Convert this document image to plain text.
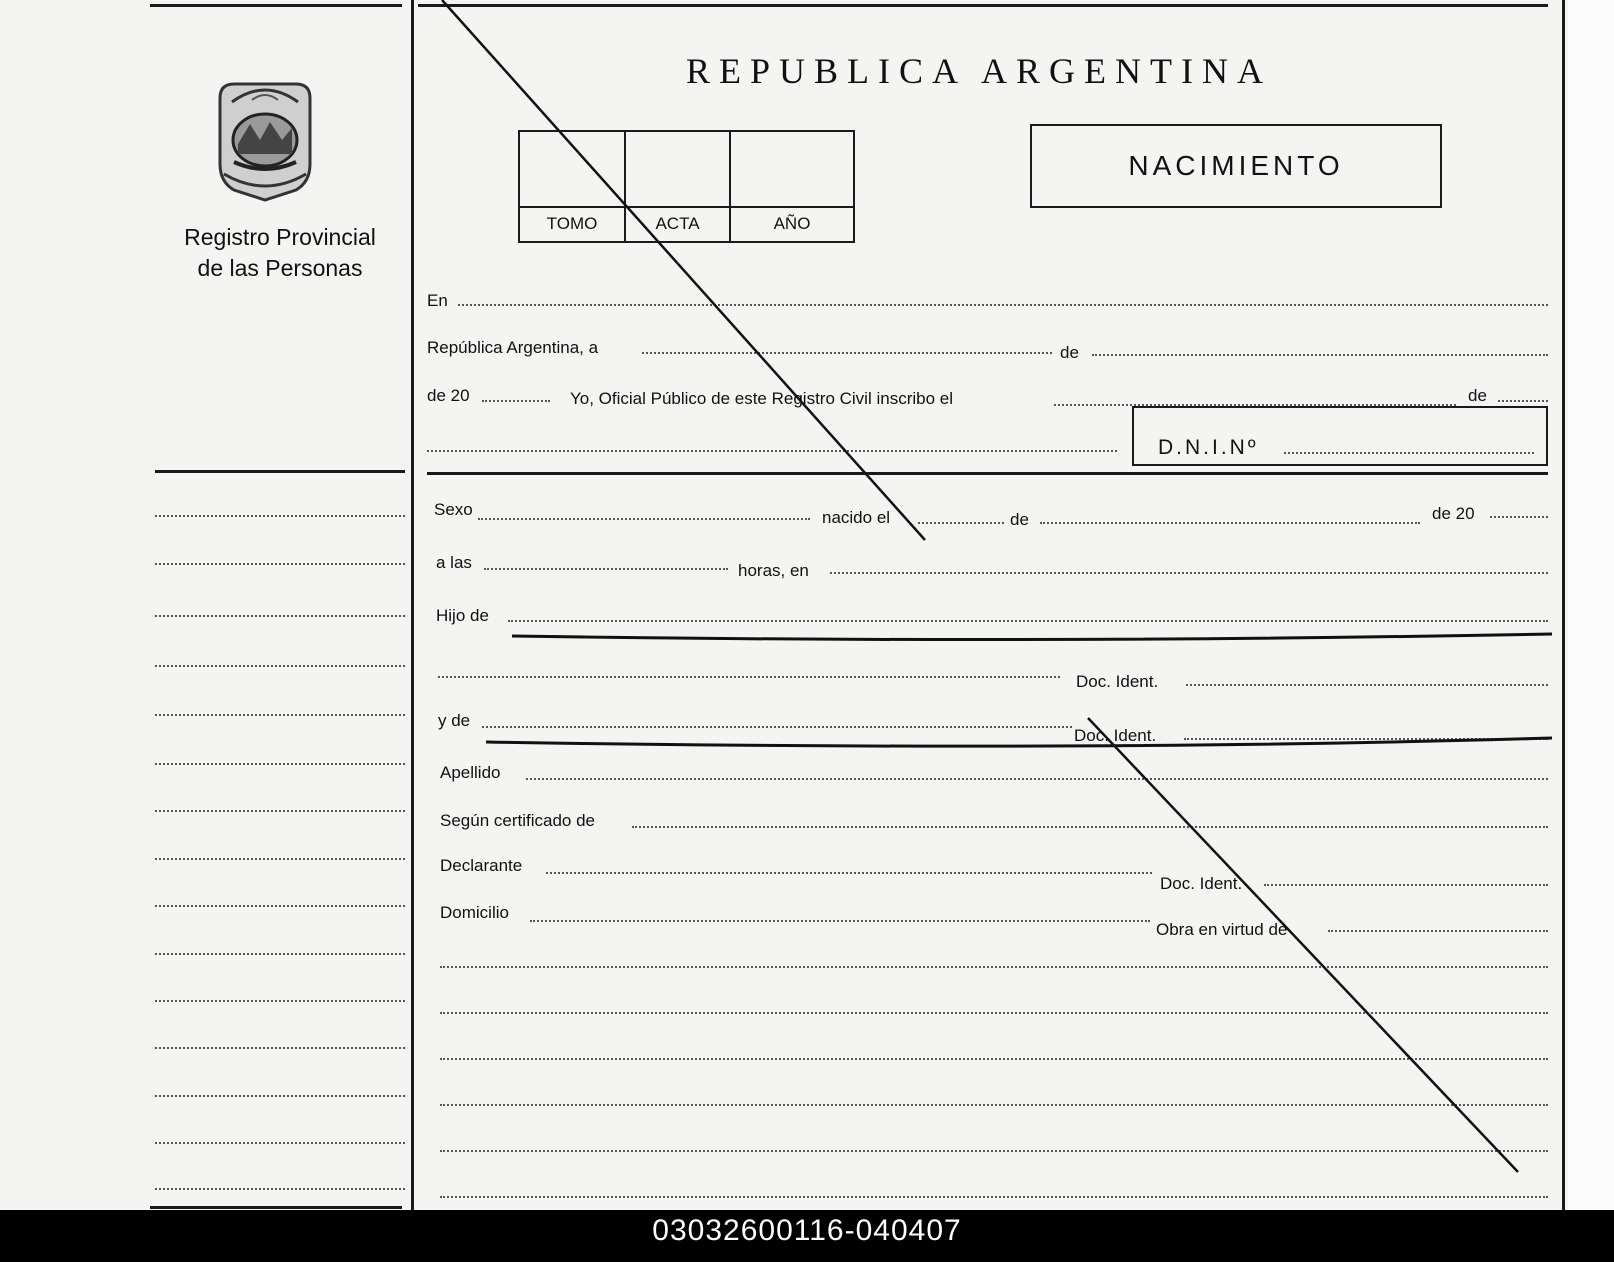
Registro Provincial
de las Personas
REPUBLICA ARGENTINA
TOMO	ACTA	AÑO
NACIMIENTO
En
República Argentina, a	de
de 20	Yo, Oficial Público de este Registro Civil inscribo el	de
D.N.I.Nº
Sexo	nacido el	de	de 20
a las	horas, en
Hijo de
Doc. Ident.
y de
Doc. Ident.
Apellido
Según certificado de
Declarante
Doc. Ident.
Domicilio
Obra en virtud de
03032600116-040407
